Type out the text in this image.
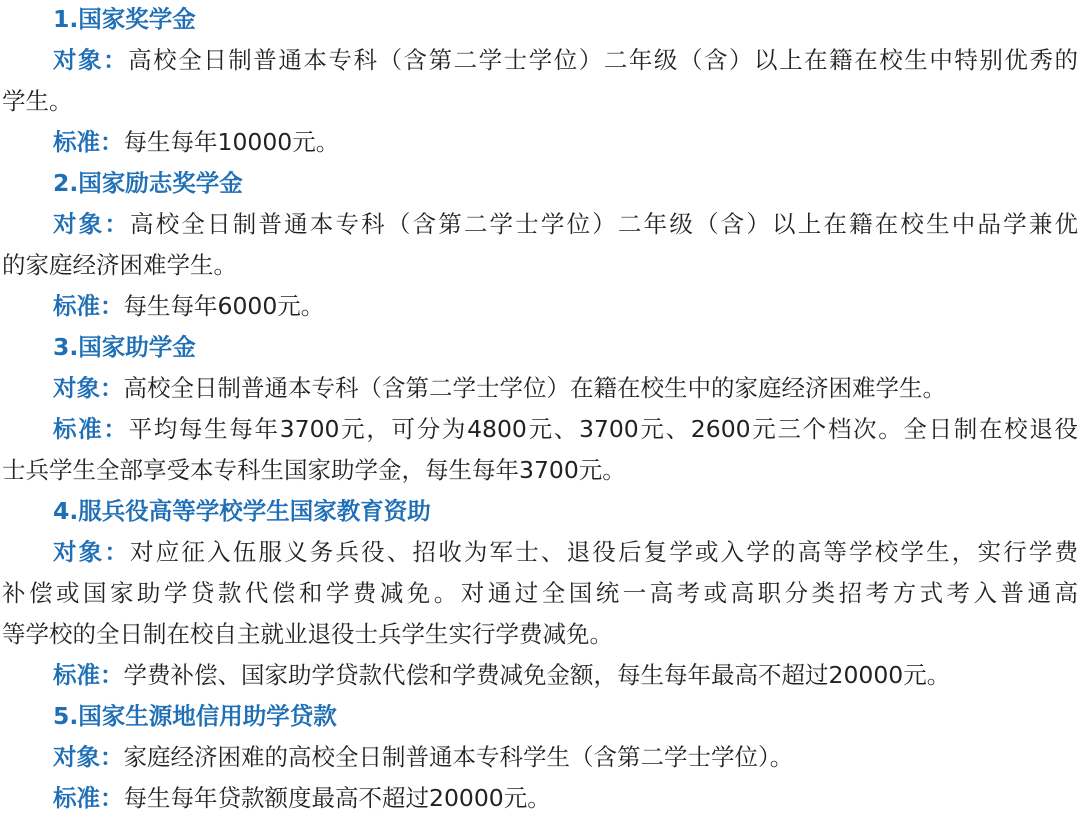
1.国家奖学金
对象：高校全日制普通本专科（含第二学士学位）二年级（含）以上在籍在校生中特别优秀的
学生。
标准：每生每年10000元。
2.国家励志奖学金
对象：高校全日制普通本专科（含第二学士学位）二年级（含）以上在籍在校生中品学兼优
的家庭经济困难学生。
标准：每生每年6000元。
3.国家助学金
对象：高校全日制普通本专科（含第二学士学位）在籍在校生中的家庭经济困难学生。
标准：平均每生每年3700元，可分为4800元、3700元、2600元三个档次。全日制在校退役
士兵学生全部享受本专科生国家助学金，每生每年3700元。
4.服兵役高等学校学生国家教育资助
对象：对应征入伍服义务兵役、招收为军士、退役后复学或入学的高等学校学生，实行学费
补偿或国家助学贷款代偿和学费减免。对通过全国统一高考或高职分类招考方式考入普通高
等学校的全日制在校自主就业退役士兵学生实行学费减免。
标准：学费补偿、国家助学贷款代偿和学费减免金额，每生每年最高不超过20000元。
5.国家生源地信用助学贷款
对象：家庭经济困难的高校全日制普通本专科学生（含第二学士学位）。
标准：每生每年贷款额度最高不超过20000元。
